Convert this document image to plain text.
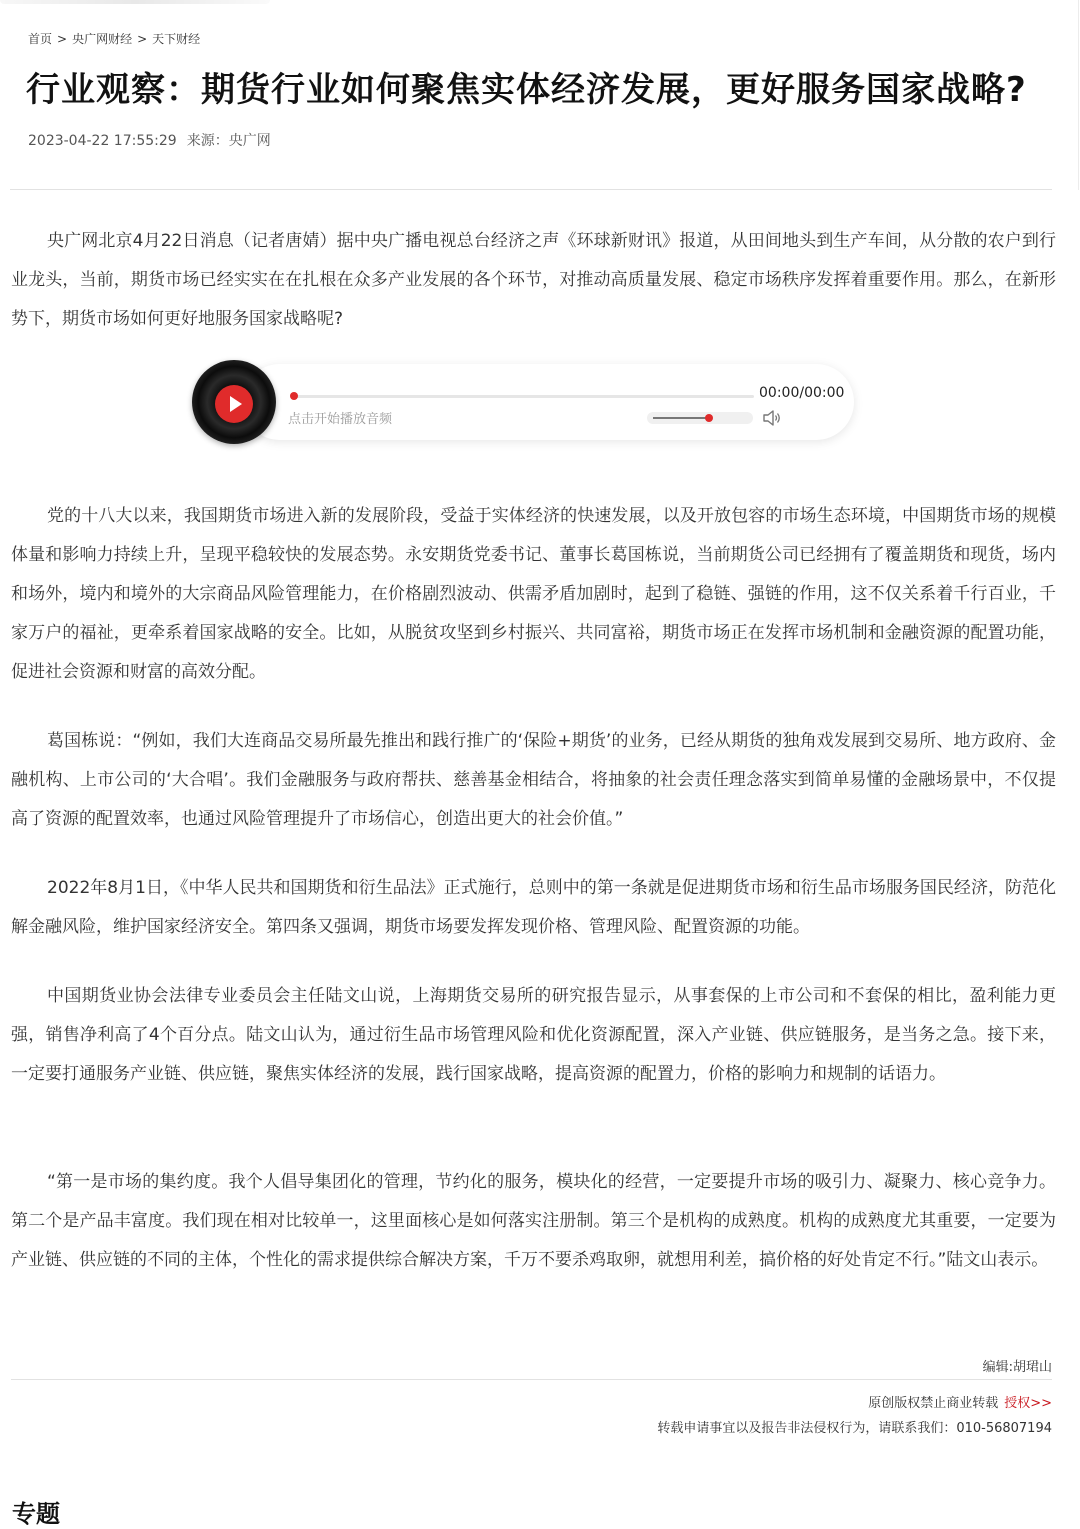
首页 > 央广网财经 > 天下财经
行业观察：期货行业如何聚焦实体经济发展，更好服务国家战略?
2023-04-22 17:55:29 来源：央广网

央广网北京4月22日消息（记者唐婧）据中央广播电视总台经济之声《环球新财讯》报道，从田间地头到生产车间，从分散的农户到行业龙头，当前，期货市场已经实实在在扎根在众多产业发展的各个环节，对推动高质量发展、稳定市场秩序发挥着重要作用。那么，在新形势下，期货市场如何更好地服务国家战略呢?

党的十八大以来，我国期货市场进入新的发展阶段，受益于实体经济的快速发展，以及开放包容的市场生态环境，中国期货市场的规模体量和影响力持续上升，呈现平稳较快的发展态势。永安期货党委书记、董事长葛国栋说，当前期货公司已经拥有了覆盖期货和现货，场内和场外，境内和境外的大宗商品风险管理能力，在价格剧烈波动、供需矛盾加剧时，起到了稳链、强链的作用，这不仅关系着千行百业，千家万户的福祉，更牵系着国家战略的安全。比如，从脱贫攻坚到乡村振兴、共同富裕，期货市场正在发挥市场机制和金融资源的配置功能，促进社会资源和财富的高效分配。

葛国栋说：“例如，我们大连商品交易所最先推出和践行推广的‘保险+期货’的业务，已经从期货的独角戏发展到交易所、地方政府、金融机构、上市公司的‘大合唱’。我们金融服务与政府帮扶、慈善基金相结合，将抽象的社会责任理念落实到简单易懂的金融场景中，不仅提高了资源的配置效率，也通过风险管理提升了市场信心，创造出更大的社会价值。”

2022年8月1日，《中华人民共和国期货和衍生品法》正式施行，总则中的第一条就是促进期货市场和衍生品市场服务国民经济，防范化解金融风险，维护国家经济安全。第四条又强调，期货市场要发挥发现价格、管理风险、配置资源的功能。

中国期货业协会法律专业委员会主任陆文山说，上海期货交易所的研究报告显示，从事套保的上市公司和不套保的相比，盈利能力更强，销售净利高了4个百分点。陆文山认为，通过衍生品市场管理风险和优化资源配置，深入产业链、供应链服务，是当务之急。接下来，一定要打通服务产业链、供应链，聚焦实体经济的发展，践行国家战略，提高资源的配置力，价格的影响力和规制的话语力。

“第一是市场的集约度。我个人倡导集团化的管理，节约化的服务，模块化的经营，一定要提升市场的吸引力、凝聚力、核心竞争力。第二个是产品丰富度。我们现在相对比较单一，这里面核心是如何落实注册制。第三个是机构的成熟度。机构的成熟度尤其重要，一定要为产业链、供应链的不同的主体，个性化的需求提供综合解决方案，千万不要杀鸡取卵，就想用利差，搞价格的好处肯定不行。”陆文山表示。

00:00/00:00
点击开始播放音频
编辑:胡珺山
原创版权禁止商业转载 授权>>
转载申请事宜以及报告非法侵权行为，请联系我们：010-56807194
专题
